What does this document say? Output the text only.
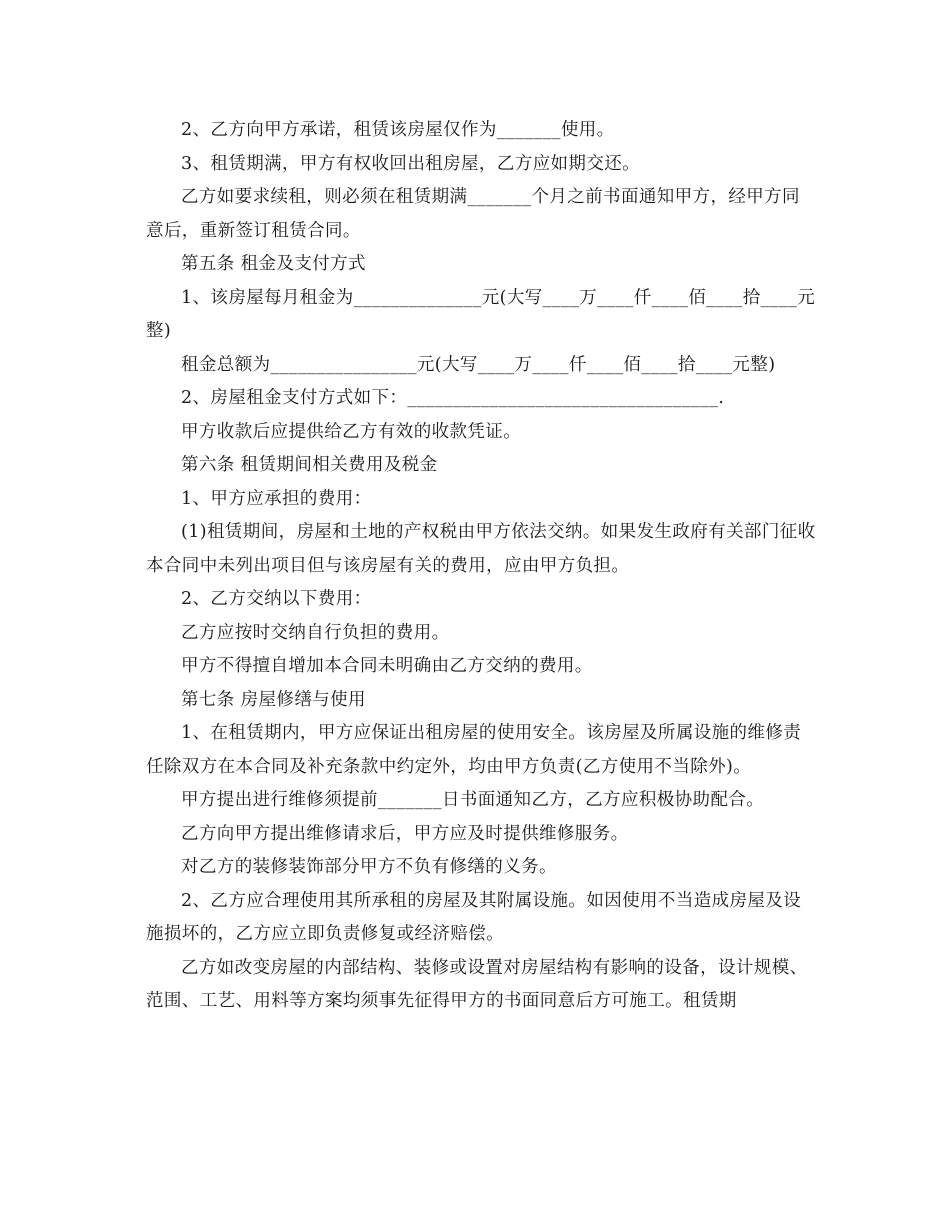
2、乙方向甲方承诺，租赁该房屋仅作为_______使用。

3、租赁期满，甲方有权收回出租房屋，乙方应如期交还。

乙方如要求续租，则必须在租赁期满_______个月之前书面通知甲方，经甲方同意后，重新签订租赁合同。

第五条 租金及支付方式

1、该房屋每月租金为______________元(大写____万____仟____佰____拾____元整)

租金总额为________________元(大写____万____仟____佰____拾____元整)

2、房屋租金支付方式如下：__________________________________.

甲方收款后应提供给乙方有效的收款凭证。

第六条 租赁期间相关费用及税金

1、甲方应承担的费用：

(1)租赁期间，房屋和土地的产权税由甲方依法交纳。如果发生政府有关部门征收本合同中未列出项目但与该房屋有关的费用，应由甲方负担。

2、乙方交纳以下费用：

乙方应按时交纳自行负担的费用。

甲方不得擅自增加本合同未明确由乙方交纳的费用。

第七条 房屋修缮与使用

1、在租赁期内，甲方应保证出租房屋的使用安全。该房屋及所属设施的维修责任除双方在本合同及补充条款中约定外，均由甲方负责(乙方使用不当除外)。

甲方提出进行维修须提前_______日书面通知乙方，乙方应积极协助配合。

乙方向甲方提出维修请求后，甲方应及时提供维修服务。

对乙方的装修装饰部分甲方不负有修缮的义务。

2、乙方应合理使用其所承租的房屋及其附属设施。如因使用不当造成房屋及设施损坏的，乙方应立即负责修复或经济赔偿。

乙方如改变房屋的内部结构、装修或设置对房屋结构有影响的设备，设计规模、范围、工艺、用料等方案均须事先征得甲方的书面同意后方可施工。租赁期
